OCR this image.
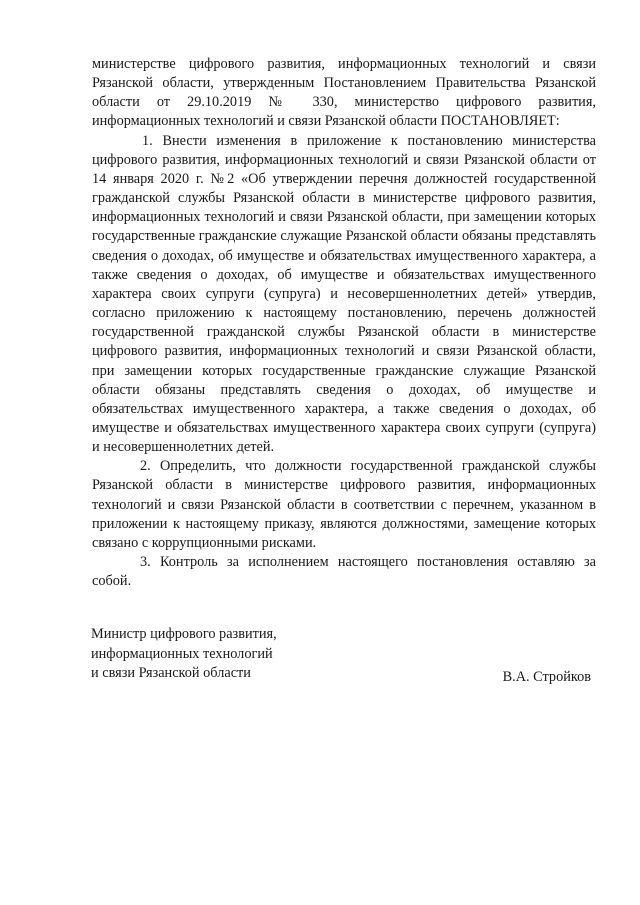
министерстве цифрового развития, информационных технологий и связи Рязанской области, утвержденным Постановлением Правительства Рязанской области от 29.10.2019 № 330, министерство цифрового развития, информационных технологий и связи Рязанской области ПОСТАНОВЛЯЕТ:

1. Внести изменения в приложение к постановлению министерства цифрового развития, информационных технологий и связи Рязанской области от 14 января 2020 г. №2 «Об утверждении перечня должностей государственной гражданской службы Рязанской области в министерстве цифрового развития, информационных технологий и связи Рязанской области, при замещении которых государственные гражданские служащие Рязанской области обязаны представлять сведения о доходах, об имуществе и обязательствах имущественного характера, а также сведения о доходах, об имуществе и обязательствах имущественного характера своих супруги (супруга) и несовершеннолетних детей» утвердив, согласно приложению к настоящему постановлению, перечень должностей государственной гражданской службы Рязанской области в министерстве цифрового развития, информационных технологий и связи Рязанской области, при замещении которых государственные гражданские служащие Рязанской области обязаны представлять сведения о доходах, об имуществе и обязательствах имущественного характера, а также сведения о доходах, об имуществе и обязательствах имущественного характера своих супруги (супруга) и несовершеннолетних детей.

2. Определить, что должности государственной гражданской службы Рязанской области в министерстве цифрового развития, информационных технологий и связи Рязанской области в соответствии с перечнем, указанном в приложении к настоящему приказу, являются должностями, замещение которых связано с коррупционными рисками.

3. Контроль за исполнением настоящего постановления оставляю за собой.

Министр цифрового развития,
информационных технологий
и связи Рязанской области	В.А. Стройков
